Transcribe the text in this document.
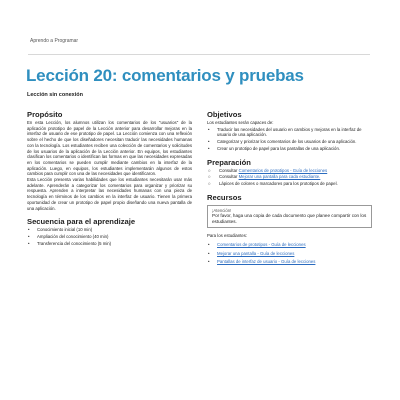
Aprendo a Programar
Lección 20: comentarios y pruebas
Lección sin conexión
Propósito

En esta Lección, los alumnos utilizan los comentarios de los "usuarios" de la aplicación prototipo de papel de la Lección anterior para desarrollar mejoras en la interfaz de usuario de ese prototipo de papel. La Lección comienza con una reflexión sobre el hecho de que los diseñadores necesitan traducir las necesidades humanas con la tecnología. Los estudiantes reciben una colección de comentarios y solicitudes de los usuarios de la aplicación de la Lección anterior. En equipos, los estudiantes clasifican los comentarios o identifican las formas en que las necesidades expresadas en los comentarios se pueden cumplir mediante cambios en la interfaz de la aplicación. Luego, en equipos, los estudiantes implementarán algunos de estos cambios para cumplir con una de las necesidades que identificaron.

Esta Lección presenta varias habilidades que los estudiantes necesitarán usar más adelante. Aprenderán a categorizar los comentarios para organizar y priorizar su respuesta. Aprenden a interpretar las necesidades humanas con una pieza de tecnología en términos de los cambios en la interfaz de usuario. Tienen la primera oportunidad de crear un prototipo de papel propio diseñando una nueva pantalla de una aplicación.

Secuencia para el aprendizaje
• Conocimiento inicial (10 min)
• Ampliación del conocimiento (40 min)
• Transferencia del conocimiento (5 min)
Objetivos

Los estudiantes serán capaces de:

• Traducir las necesidades del usuario en cambios y mejoras en la interfaz de usuario de una aplicación.
• Categorizar y priorizar los comentarios de los usuarios de una aplicación.
• Crear un prototipo de papel para las pantallas de una aplicación.
Preparación
○ Consultar Comentarios de prototipos - Guía de lecciones
○ Consultar Mejorar una pantalla para cada estudiante.
○ Lápices de colores o marcadores para los prototipos de papel.
Recursos
¡Atención!
Por favor, haga una copia de cada documento que planee compartir con los estudiantes.

Para los estudiantes:

• Comentarios de prototipos - Guía de lecciones
• Mejorar una pantalla - Guía de lecciones
• Pantallas de interfaz de usuario - Guía de lecciones
